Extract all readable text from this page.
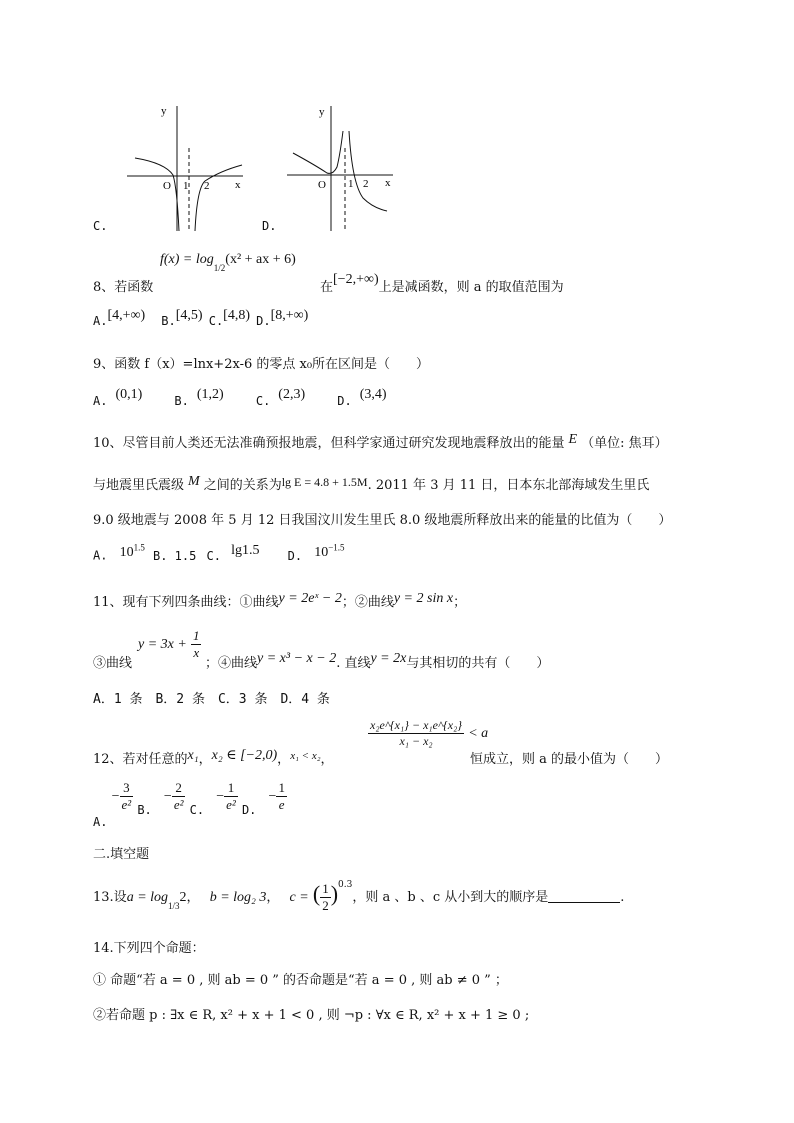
y
x
O 1 2
C.
y
x
O 1 2
D.
$f(x) = \log_{1/2}(x^2$ + ax + 6)
8、若函数	在[−2,+∞)上是减函数，则 a 的取值范围为
A.[4,+∞) B.[4,5) C.[4,8) D.[8,+∞)
9、函数 f（x）=lnx+2x-6 的零点 x₀所在区间是（　　）
A. (0,1)	B. (1,2)	C. (2,3)	D. (3,4)
10、尽管目前人类还无法准确预报地震，但科学家通过研究发现地震释放出的能量 E （单位: 焦耳）
与地震里氏震级 M 之间的关系为lg E = 4.8 + 1.5M. 2011 年 3 月 11 日，日本东北部海域发生里氏
9.0 级地震与 2008 年 5 月 12 日我国汶川发生里氏 8.0 级地震所释放出来的能量的比值为（　　）
A. $10^{1.5}$ B. 1.5 C. lg1.5 D. $10^{-1.5}$
11、现有下列四条曲线：①曲线y = 2eˣ − 2；②曲线y = 2 sin x；
$y = 3x + \frac{1}{x}$
③曲线	；④曲线y = x³ − x − 2. 直线y = 2x与其相切的共有（　　）
A．1 条　B．2 条　C．3 条　D．4 条
$\frac{\text{x₂e\textasciicircum{}\{x₁\} − x₁e\textasciicircum{}\{x₂\}}}{\text{x₁ − x₂}} < a$
12、若对任意的x₁，x₂ ∈ [−2,0)，$^{x_1 < x_2}$，	恒成立，则 a 的最小值为（　　）
A. − $\frac{3}{\text{e²}} B$. − $\frac{2}{\text{e²}} C$. − $\frac{1}{\text{e²}} D$. − $\frac{1}{e}$
二.填空题
13.设$a = \log_{1/3}2$， b = log₂ 3， c = ( $\frac{1}{2} )^{0.3}$，则 a 、b 、c 从小到大的顺序是	.
14.下列四个命题：
① 命题“若 a = 0 , 则 ab = 0 ” 的否命题是“若 a = 0 , 则 ab ≠ 0 ” ；
②若命题 p : ∃x ∈ R, x² + x + 1 < 0 , 则 ¬p : ∀x ∈ R, x² + x + 1 ≥ 0 ;
